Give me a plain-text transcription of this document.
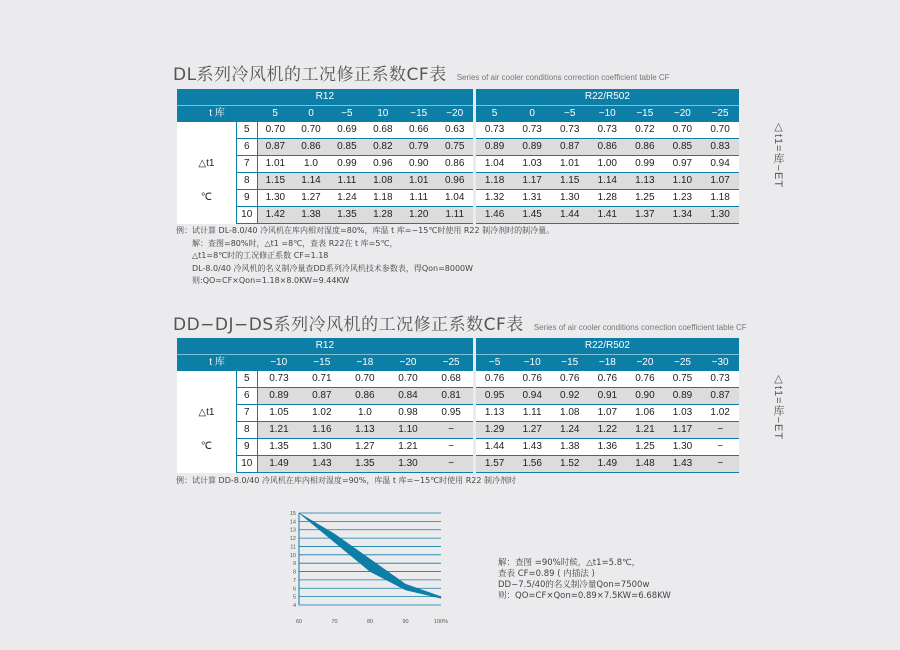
DL系列冷风机的工况修正系数CF表 Series of air cooler conditions correction coefficient table CF
R12									R22/R502						
t 库		5	0	−5	10	−15	−20		5	0	−5	−10	−15	−20	−25

△t1

℃	5	0.70	0.70	0.69	0.68	0.66	0.63		0.73	0.73	0.73	0.73	0.72	0.70	0.70
	6	0.87	0.86	0.85	0.82	0.79	0.75		0.89	0.89	0.87	0.86	0.86	0.85	0.83
	7	1.01	1.0	0.99	0.96	0.90	0.86		1.04	1.03	1.01	1.00	0.99	0.97	0.94
	8	1.15	1.14	1.11	1.08	1.01	0.96		1.18	1.17	1.15	1.14	1.13	1.10	1.07
	9	1.30	1.27	1.24	1.18	1.11	1.04		1.32	1.31	1.30	1.28	1.25	1.23	1.18
	10	1.42	1.38	1.35	1.28	1.20	1.11		1.46	1.45	1.44	1.41	1.37	1.34	1.30
△t1=库−ET
例：试计算 DL-8.0/40 冷风机在库内相对湿度=80%，库温 t 库=−15℃时使用 R22 制冷剂时的制冷量。
解：查图=80%时，△t1 =8℃，查表 R22在 t 库=5℃，
△t1=8℃时的工况修正系数 CF=1.18
DL-8.0/40 冷风机的名义制冷量查DD系列冷风机技术参数表，得Qon=8000W
则:QO=CF×Qon=1.18×8.0KW=9.44KW
DD−DJ−DS系列冷风机的工况修正系数CF表 Series of air cooler conditions correction coefficient table CF
R12								R22/R502						
t 库		−10	−15	−18	−20	−25		−5	−10	−15	−18	−20	−25	−30

△t1

℃	5	0.73	0.71	0.70	0.70	0.68		0.76	0.76	0.76	0.76	0.76	0.75	0.73
	6	0.89	0.87	0.86	0.84	0.81		0.95	0.94	0.92	0.91	0.90	0.89	0.87
	7	1.05	1.02	1.0	0.98	0.95		1.13	1.11	1.08	1.07	1.06	1.03	1.02
	8	1.21	1.16	1.13	1.10	−		1.29	1.27	1.24	1.22	1.21	1.17	−
	9	1.35	1.30	1.27	1.21	−		1.44	1.43	1.38	1.36	1.25	1.30	−
	10	1.49	1.43	1.35	1.30	−		1.57	1.56	1.52	1.49	1.48	1.43	−
△t1=库−ET
例：试计算 DD-8.0/40 冷风机在库内相对湿度=90%，库温 t 库=−15℃时使用 R22 制冷剂时
15
14
13
12
11
10
9
8
7
6
5
4
60	70	80	90	100%
解：查图 =90%时候，△t1=5.8℃，
查表 CF=0.89 ( 内插法 )
DD−7.5/40的名义制冷量Qon=7500w
则：QO=CF×Qon=0.89×7.5KW=6.68KW
